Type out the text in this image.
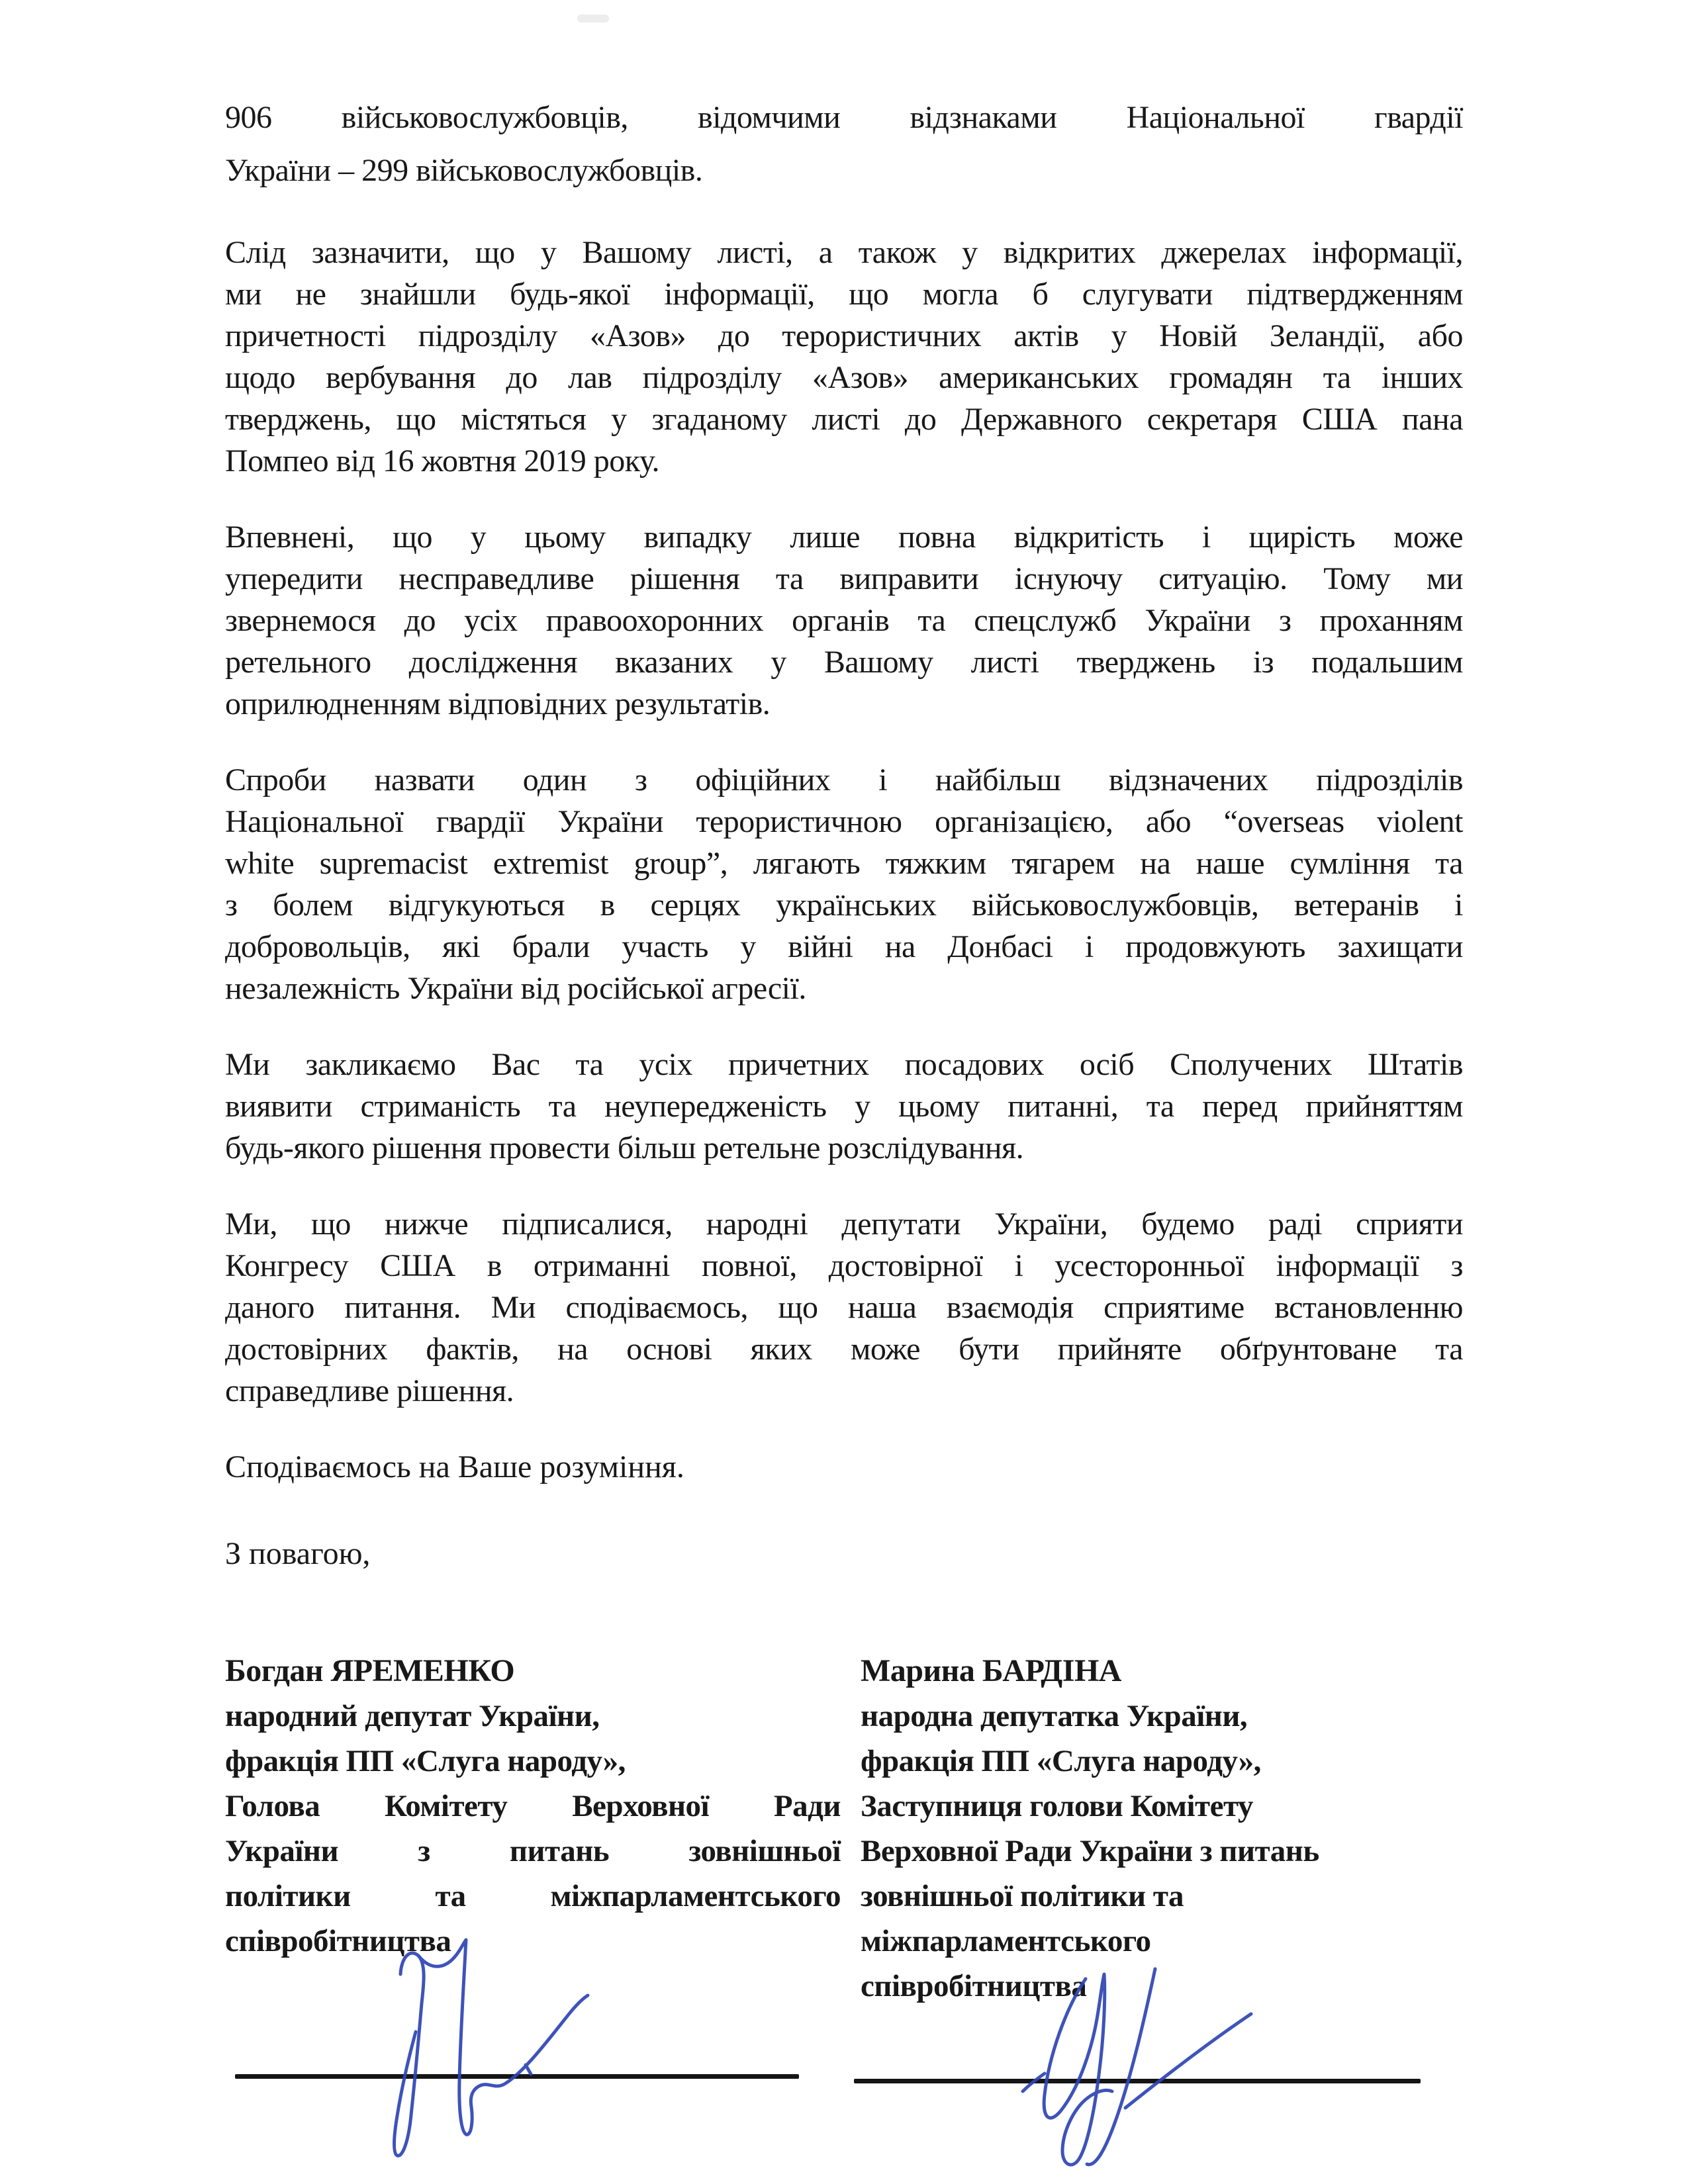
906 військовослужбовців, відомчими відзнаками Національної гвардії
України – 299 військовослужбовців.
Слід зазначити, що у Вашому листі, а також у відкритих джерелах інформації,
ми не знайшли будь-якої інформації, що могла б слугувати підтвердженням
причетності підрозділу «Азов» до терористичних актів у Новій Зеландії, або
щодо вербування до лав підрозділу «Азов» американських громадян та інших
тверджень, що містяться у згаданому листі до Державного секретаря США пана
Помпео від 16 жовтня 2019 року.
Впевнені, що у цьому випадку лише повна відкритість і щирість може
упередити несправедливе рішення та виправити існуючу ситуацію. Тому ми
звернемося до усіх правоохоронних органів та спецслужб України з проханням
ретельного дослідження вказаних у Вашому листі тверджень із подальшим
оприлюдненням відповідних результатів.
Спроби назвати один з офіційних і найбільш відзначених підрозділів
Національної гвардії України терористичною організацією, або “overseas violent
white supremacist extremist group”, лягають тяжким тягарем на наше сумління та
з болем відгукуються в серцях українських військовослужбовців, ветеранів і
добровольців, які брали участь у війні на Донбасі і продовжують захищати
незалежність України від російської агресії.
Ми закликаємо Вас та усіх причетних посадових осіб Сполучених Штатів
виявити стриманість та неупередженість у цьому питанні, та перед прийняттям
будь-якого рішення провести більш ретельне розслідування.
Ми, що нижче підписалися, народні депутати України, будемо раді сприяти
Конгресу США в отриманні повної, достовірної і усесторонньої інформації з
даного питання. Ми сподіваємось, що наша взаємодія сприятиме встановленню
достовірних фактів, на основі яких може бути прийняте обґрунтоване та
справедливе рішення.

Сподіваємось на Ваше розуміння.

З повагою,

Богдан ЯРЕМЕНКО
народний депутат України,
фракція ПП «Слуга народу»,
Голова Комітету Верховної Ради
України з питань зовнішньої
політики та міжпарламентського
співробітництва
Марина БАРДІНА
народна депутатка України,
фракція ПП «Слуга народу»,
Заступниця голови Комітету
Верховної Ради України з питань
зовнішньої політики та
міжпарламентського
співробітництва
